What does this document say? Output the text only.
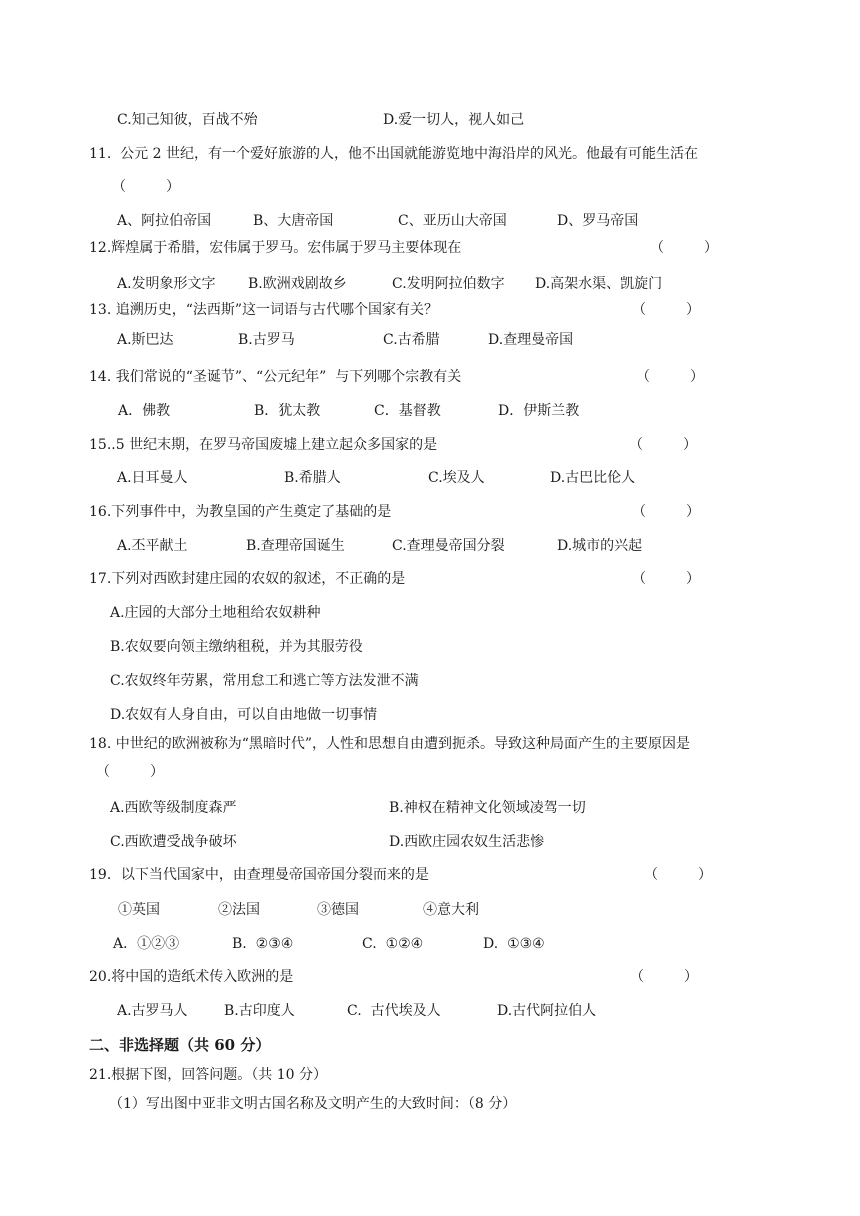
C.知己知彼，百战不殆	D.爱一切人，视人如己
11.  公元 2 世纪，有一个爱好旅游的人，他不出国就能游览地中海沿岸的风光。他最有可能生活在
（         ）
A、阿拉伯帝国	B、大唐帝国	C、亚历山大帝国	D、罗马帝国
12.辉煌属于希腊，宏伟属于罗马。宏伟属于罗马主要体现在	（         ）
A.发明象形文字 B.欧洲戏剧故乡	C.发明阿拉伯数字 D.高架水渠、凯旋门
13. 追溯历史，“法西斯”这一词语与古代哪个国家有关？	（         ）
A.斯巴达	B.古罗马	C.古希腊	D.查理曼帝国
14. 我们常说的“圣诞节”、“公元纪年”  与下列哪个宗教有关	（         ）
A．佛教	B．犹太教	C．基督教	D．伊斯兰教
15..5 世纪末期，在罗马帝国废墟上建立起众多国家的是	（         ）
A.日耳曼人	B.希腊人	C.埃及人	D.古巴比伦人
16.下列事件中，为教皇国的产生奠定了基础的是	（         ）
A.丕平献土	B.查理帝国诞生	C.查理曼帝国分裂	D.城市的兴起
17.下列对西欧封建庄园的农奴的叙述，不正确的是	（         ）
A.庄园的大部分土地租给农奴耕种
B.农奴要向领主缴纳租税，并为其服劳役
C.农奴终年劳累，常用怠工和逃亡等方法发泄不满
D.农奴有人身自由，可以自由地做一切事情
18. 中世纪的欧洲被称为“黑暗时代”，人性和思想自由遭到扼杀。导致这种局面产生的主要原因是
（         ）
A.西欧等级制度森严	B.神权在精神文化领域凌驾一切
C.西欧遭受战争破坏	D.西欧庄园农奴生活悲惨
19．以下当代国家中，由查理曼帝国帝国分裂而来的是	（         ）
①英国	②法国	③德国	④意大利
A．①②③	B.  ②③④	C.  ①②④	D.  ①③④
20.将中国的造纸术传入欧洲的是	（         ）
A.古罗马人	B.古印度人	C.  古代埃及人	D.古代阿拉伯人
二、非选择题（共 60 分）
21.根据下图，回答问题。（共 10 分）
（1）写出图中亚非文明古国名称及文明产生的大致时间：（8 分）
